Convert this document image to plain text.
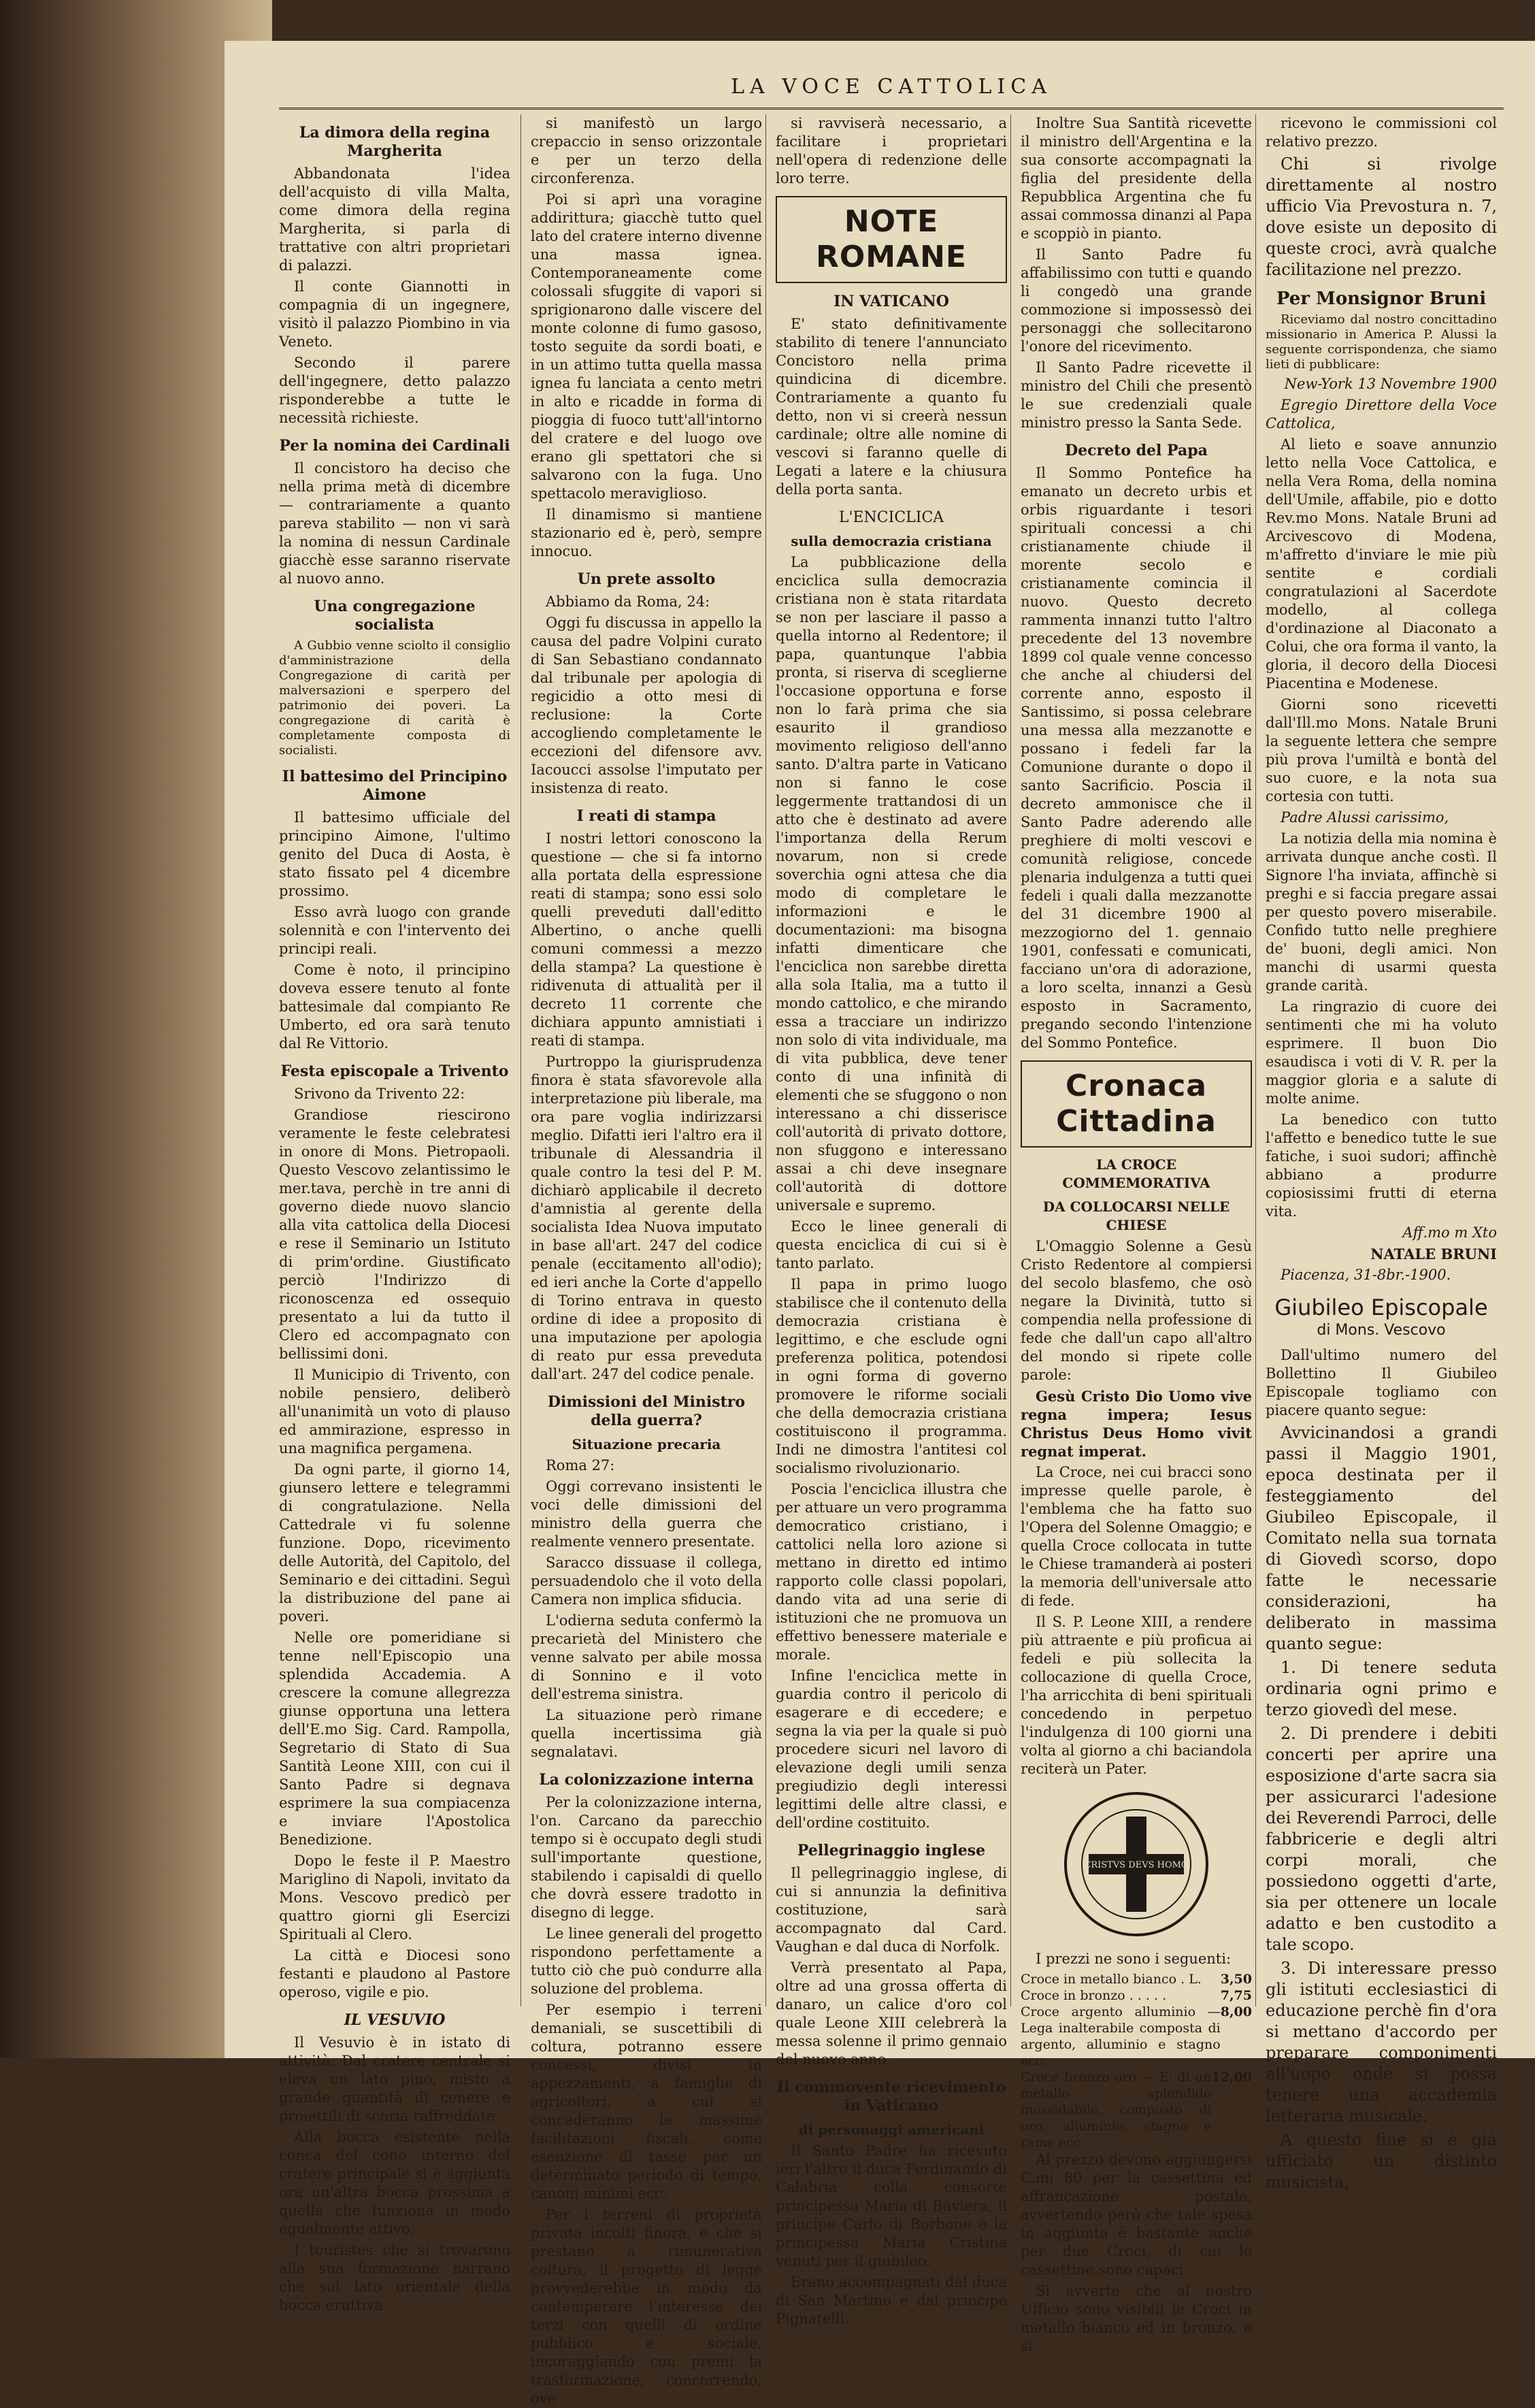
LA VOCE CATTOLICA
La dimora della regina Margherita

Abbandonata l'idea dell'acquisto di villa Malta, come dimora della regina Margherita, si parla di trattative con altri proprietari di palazzi.

Il conte Giannotti in compagnia di un ingegnere, visitò il palazzo Piombino in via Veneto.

Secondo il parere dell'ingegnere, detto palazzo risponderebbe a tutte le necessità richieste.

Per la nomina dei Cardinali

Il concistoro ha deciso che nella prima metà di dicembre — contrariamente a quanto pareva stabilito — non vi sarà la nomina di nessun Cardinale giacchè esse saranno riservate al nuovo anno.

Una congregazione socialista

A Gubbio venne sciolto il consiglio d'amministrazione della Congregazione di carità per malversazioni e sperpero del patrimonio dei poveri. La congregazione di carità è completamente composta di socialisti.

Il battesimo del Principino Aimone

Il battesimo ufficiale del principino Aimone, l'ultimo genito del Duca di Aosta, è stato fissato pel 4 dicembre prossimo.

Esso avrà luogo con grande solennità e con l'intervento dei principi reali.

Come è noto, il principino doveva essere tenuto al fonte battesimale dal compianto Re Umberto, ed ora sarà tenuto dal Re Vittorio.

Festa episcopale a Trivento

Srivono da Trivento 22:

Grandiose riescirono veramente le feste celebratesi in onore di Mons. Pietropaoli. Questo Vescovo zelantissimo le mer.tava, perchè in tre anni di governo diede nuovo slancio alla vita cattolica della Diocesi e rese il Seminario un Istituto di prim'ordine. Giustificato perciò l'Indirizzo di riconoscenza ed ossequio presentato a lui da tutto il Clero ed accompagnato con bellissimi doni.

Il Municipio di Trivento, con nobile pensiero, deliberò all'unanimità un voto di plauso ed ammirazione, espresso in una magnifica pergamena.

Da ogni parte, il giorno 14, giunsero lettere e telegrammi di congratulazione. Nella Cattedrale vi fu solenne funzione. Dopo, ricevimento delle Autorità, del Capitolo, del Seminario e dei cittadini. Seguì la distribuzione del pane ai poveri.

Nelle ore pomeridiane si tenne nell'Episcopio una splendida Accademia. A crescere la comune allegrezza giunse opportuna una lettera dell'E.mo Sig. Card. Rampolla, Segretario di Stato di Sua Santità Leone XIII, con cui il Santo Padre si degnava esprimere la sua compiacenza e inviare l'Apostolica Benedizione.

Dopo le feste il P. Maestro Mariglino di Napoli, invitato da Mons. Vescovo predicò per quattro giorni gli Esercizi Spirituali al Clero.

La città e Diocesi sono festanti e plaudono al Pastore operoso, vigile e pio.

IL VESUVIO

Il Vesuvio è in istato di attività. Dal cratere centrale si eleva un lato pino, misto a grande quantità di cenere e proiettili di scoria raffreddate.

Alla bocca esistente nella conca del cono interno del cratere principale si è aggiunta ora un'altra bocca prossima a quella che funziona in modo egualmente attivo.

I touristes che si trovarono alla sua formazione narrano che sul lato orientale della bocca eruttiva

si manifestò un largo crepaccio in senso orizzontale e per un terzo della circonferenza.

Poi si aprì una voragine addirittura; giacchè tutto quel lato del cratere interno divenne una massa ignea. Contemporaneamente come colossali sfuggite di vapori si sprigionarono dalle viscere del monte colonne di fumo gasoso, tosto seguite da sordi boati, e in un attimo tutta quella massa ignea fu lanciata a cento metri in alto e ricadde in forma di pioggia di fuoco tutt'all'intorno del cratere e del luogo ove erano gli spettatori che si salvarono con la fuga. Uno spettacolo meraviglioso.

Il dinamismo si mantiene stazionario ed è, però, sempre innocuo.

Un prete assolto

Abbiamo da Roma, 24:

Oggi fu discussa in appello la causa del padre Volpini curato di San Sebastiano condannato dal tribunale per apologia di regicidio a otto mesi di reclusione: la Corte accogliendo completamente le eccezioni del difensore avv. Iacoucci assolse l'imputato per insistenza di reato.

I reati di stampa

I nostri lettori conoscono la questione — che si fa intorno alla portata della espressione reati di stampa; sono essi solo quelli preveduti dall'editto Albertino, o anche quelli comuni commessi a mezzo della stampa? La questione è ridivenuta di attualità per il decreto 11 corrente che dichiara appunto amnistiati i reati di stampa.

Purtroppo la giurisprudenza finora è stata sfavorevole alla interpretazione più liberale, ma ora pare voglia indirizzarsi meglio. Difatti ieri l'altro era il tribunale di Alessandria il quale contro la tesi del P. M. dichiarò applicabile il decreto d'amnistia al gerente della socialista Idea Nuova imputato in base all'art. 247 del codice penale (eccitamento all'odio); ed ieri anche la Corte d'appello di Torino entrava in questo ordine di idee a proposito di una imputazione per apologia di reato pur essa preveduta dall'art. 247 del codice penale.

Dimissioni del Ministro della guerra?
Situazione precaria

Roma 27:

Oggi correvano insistenti le voci delle dimissioni del ministro della guerra che realmente vennero presentate.

Saracco dissuase il collega, persuadendolo che il voto della Camera non implica sfiducia.

L'odierna seduta confermò la precarietà del Ministero che venne salvato per abile mossa di Sonnino e il voto dell'estrema sinistra.

La situazione però rimane quella incertissima già segnalatavi.

La colonizzazione interna

Per la colonizzazione interna, l'on. Carcano da parecchio tempo si è occupato degli studi sull'importante questione, stabilendo i capisaldi di quello che dovrà essere tradotto in disegno di legge.

Le linee generali del progetto rispondono perfettamente a tutto ciò che può condurre alla soluzione del problema.

Per esempio i terreni demaniali, se suscettibili di coltura, potranno essere concessi, divisi in appezzamenti, a famiglie di agricoltori, a cui si concederanno le massime facilitazioni fiscali, come esenzione di tasse per un determinato periodo di tempo, canoni minimi ecc.

Per i terreni di proprietà privata incolti finora, e che si prestano a rimunerativa coltura, il progetto di legge provvederebbe in modo da contemperare l'interesse dei terzi con quelli di ordine pubblico e sociale, incoraggiando con premi la trasformazione, concorrendo, ove

si ravviserà necessario, a facilitare i proprietari nell'opera di redenzione delle loro terre.

NOTE ROMANE
IN VATICANO

E' stato definitivamente stabilito di tenere l'annunciato Concistoro nella prima quindicina di dicembre. Contrariamente a quanto fu detto, non vi si creerà nessun cardinale; oltre alle nomine di vescovi si faranno quelle di Legati a latere e la chiusura della porta santa.

L'ENCICLICA
sulla democrazia cristiana

La pubblicazione della enciclica sulla democrazia cristiana non è stata ritardata se non per lasciare il passo a quella intorno al Redentore; il papa, quantunque l'abbia pronta, si riserva di sceglierne l'occasione opportuna e forse non lo farà prima che sia esaurito il grandioso movimento religioso dell'anno santo. D'altra parte in Vaticano non si fanno le cose leggermente trattandosi di un atto che è destinato ad avere l'importanza della Rerum novarum, non si crede soverchia ogni attesa che dia modo di completare le informazioni e le documentazioni: ma bisogna infatti dimenticare che l'enciclica non sarebbe diretta alla sola Italia, ma a tutto il mondo cattolico, e che mirando essa a tracciare un indirizzo non solo di vita individuale, ma di vita pubblica, deve tener conto di una infinità di elementi che se sfuggono o non interessano a chi disserisce coll'autorità di privato dottore, non sfuggono e interessano assai a chi deve insegnare coll'autorità di dottore universale e supremo.

Ecco le linee generali di questa enciclica di cui si è tanto parlato.

Il papa in primo luogo stabilisce che il contenuto della democrazia cristiana è legittimo, e che esclude ogni preferenza politica, potendosi in ogni forma di governo promovere le riforme sociali che della democrazia cristiana costituiscono il programma. Indi ne dimostra l'antitesi col socialismo rivoluzionario.

Poscia l'enciclica illustra che per attuare un vero programma democratico cristiano, i cattolici nella loro azione si mettano in diretto ed intimo rapporto colle classi popolari, dando vita ad una serie di istituzioni che ne promuova un effettivo benessere materiale e morale.

Infine l'enciclica mette in guardia contro il pericolo di esagerare e di eccedere; e segna la via per la quale si può procedere sicuri nel lavoro di elevazione degli umili senza pregiudizio degli interessi legittimi delle altre classi, e dell'ordine costituito.

Pellegrinaggio inglese

Il pellegrinaggio inglese, di cui si annunzia la definitiva costituzione, sarà accompagnato dal Card. Vaughan e dal duca di Norfolk.

Verrà presentato al Papa, oltre ad una grossa offerta di danaro, un calice d'oro col quale Leone XIII celebrerà la messa solenne il primo gennaio del nuovo anno.

Il commovente ricevimento in Vaticano
di personaggi americani

Il Santo Padre ha ricevuto ieri l'altro il duca Ferdinando di Calabria colla consorte principessa Maria di Baviera, il principe Carlo di Borbone e la principessa Maria Cristina venuti per il giubileo.

Erano accompagnati dal duca di San Martino e dal principe Pignatelli.

Inoltre Sua Santità ricevette il ministro dell'Argentina e la sua consorte accompagnati la figlia del presidente della Repubblica Argentina che fu assai commossa dinanzi al Papa e scoppiò in pianto.

Il Santo Padre fu affabilissimo con tutti e quando li congedò una grande commozione si impossessò dei personaggi che sollecitarono l'onore del ricevimento.

Il Santo Padre ricevette il ministro del Chili che presentò le sue credenziali quale ministro presso la Santa Sede.

Decreto del Papa

Il Sommo Pontefice ha emanato un decreto urbis et orbis riguardante i tesori spirituali concessi a chi cristianamente chiude il morente secolo e cristianamente comincia il nuovo. Questo decreto rammenta innanzi tutto l'altro precedente del 13 novembre 1899 col quale venne concesso che anche al chiudersi del corrente anno, esposto il Santissimo, si possa celebrare una messa alla mezzanotte e possano i fedeli far la Comunione durante o dopo il santo Sacrificio. Poscia il decreto ammonisce che il Santo Padre aderendo alle preghiere di molti vescovi e comunità religiose, concede plenaria indulgenza a tutti quei fedeli i quali dalla mezzanotte del 31 dicembre 1900 al mezzogiorno del 1. gennaio 1901, confessati e comunicati, facciano un'ora di adorazione, a loro scelta, innanzi a Gesù esposto in Sacramento, pregando secondo l'intenzione del Sommo Pontefice.

Cronaca Cittadina
LA CROCE COMMEMORATIVA
DA COLLOCARSI NELLE CHIESE

L'Omaggio Solenne a Gesù Cristo Redentore al compiersi del secolo blasfemo, che osò negare la Divinità, tutto si compendia nella professione di fede che dall'un capo all'altro del mondo si ripete colle parole:

Gesù Cristo Dio Uomo vive regna impera; Iesus Christus Deus Homo vivit regnat imperat.

La Croce, nei cui bracci sono impresse quelle parole, è l'emblema che ha fatto suo l'Opera del Solenne Omaggio; e quella Croce collocata in tutte le Chiese tramanderà ai posteri la memoria dell'universale atto di fede.

Il S. P. Leone XIII, a rendere più attraente e più proficua ai fedeli e più sollecita la collocazione di quella Croce, l'ha arricchita di beni spirituali concedendo in perpetuo l'indulgenza di 100 giorni una volta al giorno a chi baciandola reciterà un Pater.

CRISTVS DEVS HOMO

I prezzi ne sono i seguenti:

Croce in metallo bianco . L. 3,50
Croce in bronzo . . . . .	7,75
Croce argento alluminio — Lega inalterabile composta di argento, alluminio e stagno ecc.
8,00
Croce bronzo oro — E' di un metallo splendido inossidabile, composto di oro, alluminio, stagno e rame ecc.
12,00

Al prezzo devono aggiungersi C.mi 80 per la cassettina ed affrancazione postale, avvertendo però che tale spesa in aggiunta è bastante anche per due Croci, di cui le cassettine sono capaci.

Si avverte che al nostro Ufficio sono visibili le Croci in metallo bianco ed in bronzo, e si

ricevono le commissioni col relativo prezzo.

Chi si rivolge direttamente al nostro ufficio Via Prevostura n. 7, dove esiste un deposito di queste croci, avrà qualche facilitazione nel prezzo.

Per Monsignor Bruni

Riceviamo dal nostro concittadino missionario in America P. Alussi la seguente corrispondenza, che siamo lieti di pubblicare:

New-York 13 Novembre 1900

Egregio Direttore della Voce Cattolica,

Al lieto e soave annunzio letto nella Voce Cattolica, e nella Vera Roma, della nomina dell'Umile, affabile, pio e dotto Rev.mo Mons. Natale Bruni ad Arcivescovo di Modena, m'affretto d'inviare le mie più sentite e cordiali congratulazioni al Sacerdote modello, al collega d'ordinazione al Diaconato a Colui, che ora forma il vanto, la gloria, il decoro della Diocesi Piacentina e Modenese.

Giorni sono ricevetti dall'Ill.mo Mons. Natale Bruni la seguente lettera che sempre più prova l'umiltà e bontà del suo cuore, e la nota sua cortesia con tutti.

Padre Alussi carissimo,

La notizia della mia nomina è arrivata dunque anche costì. Il Signore l'ha inviata, affinchè si preghi e si faccia pregare assai per questo povero miserabile. Confido tutto nelle preghiere de' buoni, degli amici. Non manchi di usarmi questa grande carità.

La ringrazio di cuore dei sentimenti che mi ha voluto esprimere. Il buon Dio esaudisca i voti di V. R. per la maggior gloria e a salute di molte anime.

La benedico con tutto l'affetto e benedico tutte le sue fatiche, i suoi sudori; affinchè abbiano a produrre copiosissimi frutti di eterna vita.

Aff.mo m Xto

NATALE BRUNI

Piacenza, 31-8br.-1900.

Giubileo Episcopale
di Mons. Vescovo

Dall'ultimo numero del Bollettino Il Giubileo Episcopale togliamo con piacere quanto segue:

Avvicinandosi a grandi passi il Maggio 1901, epoca destinata per il festeggiamento del Giubileo Episcopale, il Comitato nella sua tornata di Giovedì scorso, dopo fatte le necessarie considerazioni, ha deliberato in massima quanto segue:

1. Di tenere seduta ordinaria ogni primo e terzo giovedì del mese.

2. Di prendere i debiti concerti per aprire una esposizione d'arte sacra sia per assicurarci l'adesione dei Reverendi Parroci, delle fabbricerie e degli altri corpi morali, che possiedono oggetti d'arte, sia per ottenere un locale adatto e ben custodito a tale scopo.

3. Di interessare presso gli istituti ecclesiastici di educazione perchè fin d'ora si mettano d'accordo per preparare componimenti all'uopo onde si possa tenere una accademia letteraria musicale.

A questo fine si è già ufficiato un distinto musicista,
